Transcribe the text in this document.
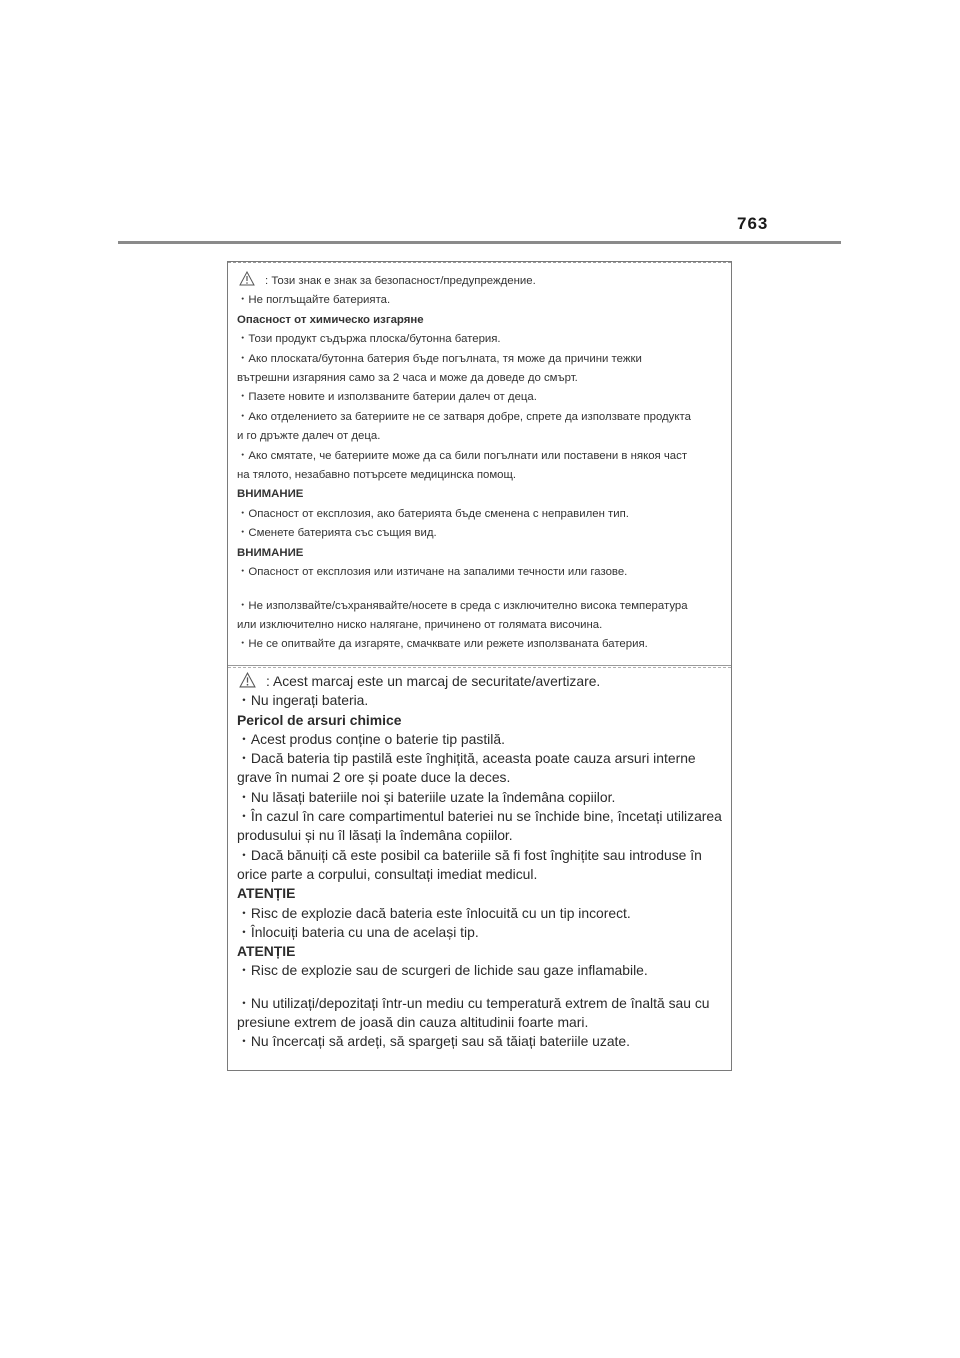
763
: Този знак е знак за безопасност/предупреждение.
・Не поглъщайте батерията.
Опасност от химическо изгаряне
・Този продукт съдържа плоска/бутонна батерия.
・Ако плоската/бутонна батерия бъде погълната, тя може да причини тежки
вътрешни изгаряния само за 2 часа и може да доведе до смърт.
・Пазете новите и използваните батерии далеч от деца.
・Ако отделението за батериите не се затваря добре, спрете да използвате продукта
и го дръжте далеч от деца.
・Ако смятате, че батериите може да са били погълнати или поставени в някоя част
на тялото, незабавно потърсете медицинска помощ.
ВНИМАНИЕ
・Опасност от експлозия, ако батерията бъде сменена с неправилен тип.
・Сменете батерията със същия вид.
ВНИМАНИЕ
・Опасност от експлозия или изтичане на запалими течности или газове.
・Не използвайте/съхранявайте/носете в среда с изключително висока температура
или изключително ниско налягане, причинено от голямата височина.
・Не се опитвайте да изгаряте, смачквате или режете използваната батерия.
: Acest marcaj este un marcaj de securitate/avertizare.
・Nu ingerați bateria.
Pericol de arsuri chimice
・Acest produs conține o baterie tip pastilă.
・Dacă bateria tip pastilă este înghițită, aceasta poate cauza arsuri interne
grave în numai 2 ore și poate duce la deces.
・Nu lăsați bateriile noi și bateriile uzate la îndemâna copiilor.
・În cazul în care compartimentul bateriei nu se închide bine, încetați utilizarea
produsului și nu îl lăsați la îndemâna copiilor.
・Dacă bănuiți că este posibil ca bateriile să fi fost înghițite sau introduse în
orice parte a corpului, consultați imediat medicul.
ATENȚIE
・Risc de explozie dacă bateria este înlocuită cu un tip incorect.
・Înlocuiți bateria cu una de același tip.
ATENȚIE
・Risc de explozie sau de scurgeri de lichide sau gaze inflamabile.
・Nu utilizați/depozitați într-un mediu cu temperatură extrem de înaltă sau cu
presiune extrem de joasă din cauza altitudinii foarte mari.
・Nu încercați să ardeți, să spargeți sau să tăiați bateriile uzate.
